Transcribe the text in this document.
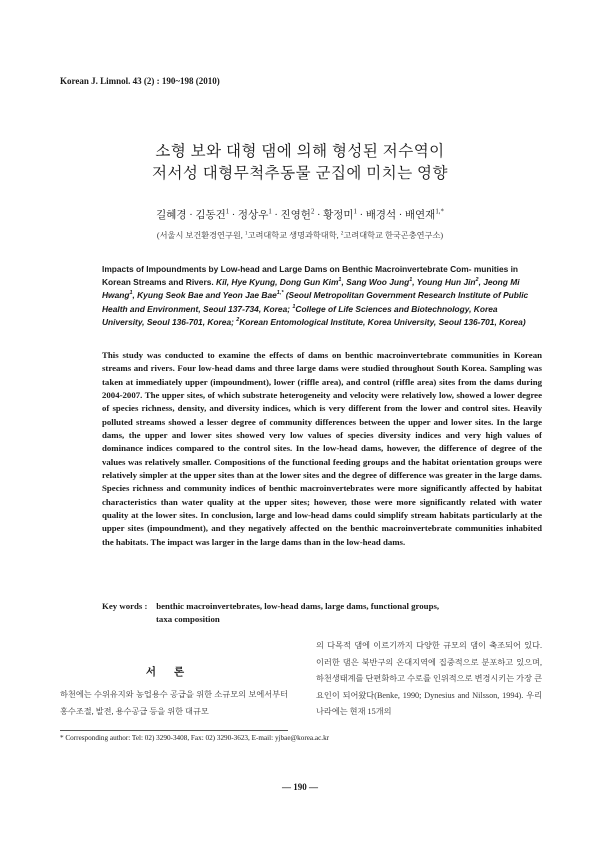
Korean J. Limnol. 43 (2) : 190~198 (2010)
소형 보와 대형 댐에 의해 형성된 저수역이
저서성 대형무척추동물 군집에 미치는 영향
길혜경 · 김동건$^1$ · 정상우$^1$ · 진영헌$^2$ · 황정미$^1$ · 배경석 · 배연재$^{1,*}$
(서울시 보건환경연구원, $^1$고려대학교 생명과학대학, $^2$고려대학교 한국곤충연구소)
Impacts of Impoundments by Low-head and Large Dams on Benthic Macroinvertebrate Com- munities in Korean Streams and Rivers. Kil, Hye Kyung, Dong Gun Kim$^1$, Sang Woo Jung$^1$, Young Hun Jin$^2$, Jeong Mi Hwang$^1$, Kyung Seok Bae and Yeon Jae Bae$^{1,*}$ (Seoul Metropolitan Government Research Institute of Public Health and Environment, Seoul 137-734, Korea; $^1$College of Life Sciences and Biotechnology, Korea University, Seoul 136-701, Korea; $^2$Korean Entomological Institute, Korea University, Seoul 136-701, Korea)
This study was conducted to examine the effects of dams on benthic macroinvertebrate communities in Korean streams and rivers. Four low-head dams and three large dams were studied throughout South Korea. Sampling was taken at immediately upper (impoundment), lower (riffle area), and control (riffle area) sites from the dams during 2004-2007. The upper sites, of which substrate heterogeneity and velocity were relatively low, showed a lower degree of species richness, density, and diversity indices, which is very different from the lower and control sites. Heavily polluted streams showed a lesser degree of community differences between the upper and lower sites. In the large dams, the upper and lower sites showed very low values of species diversity indices and very high values of dominance indices compared to the control sites. In the low-head dams, however, the difference of degree of the values was relatively smaller. Compositions of the functional feeding groups and the habitat orientation groups were relatively simpler at the upper sites than at the lower sites and the degree of difference was greater in the large dams. Species richness and community indices of benthic macroinvertebrates were more significantly affected by habitat characteristics than water quality at the upper sites; however, those were more significantly related with water quality at the lower sites. In conclusion, large and low-head dams could simplify stream habitats particularly at the upper sites (impoundment), and they negatively affected on the benthic macroinvertebrate communities inhabited the habitats. The impact was larger in the large dams than in the low-head dams.
Key words : benthic macroinvertebrates, low-head dams, large dams, functional groups,
taxa composition
서론
하천에는 수위유지와 농업용수 공급을 위한 소규모의 보에서부터 홍수조절, 발전, 용수공급 등을 위한 대규모
의 다목적 댐에 이르기까지 다양한 규모의 댐이 축조되어 있다. 이러한 댐은 북반구의 온대지역에 집중적으로 분포하고 있으며, 하천생태계를 단편화하고 수로를 인위적으로 변경시키는 가장 큰 요인이 되어왔다(Benke, 1990; Dynesius and Nilsson, 1994). 우리나라에는 현재 15개의
* Corresponding author: Tel: 02) 3290-3408, Fax: 02) 3290-3623, E-mail: yjbae@korea.ac.kr
— 190 —
